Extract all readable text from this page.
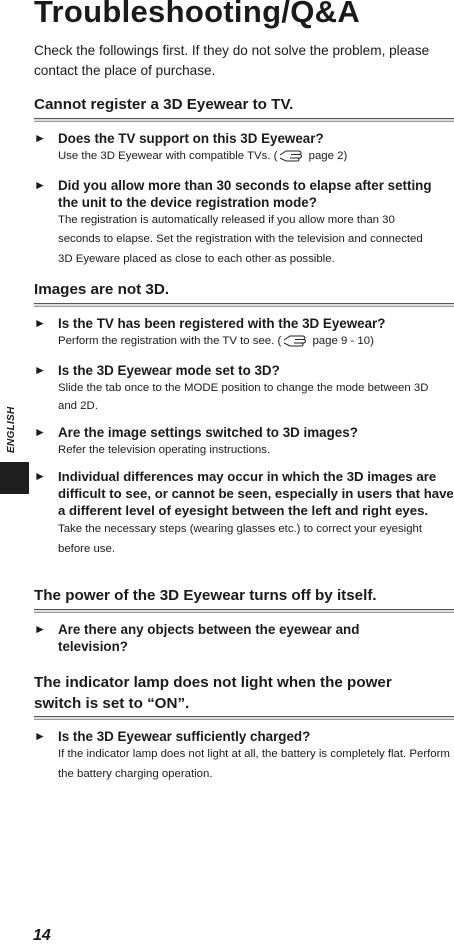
Troubleshooting/Q&A
Check the followings first. If they do not solve the problem, please contact the place of purchase.
Cannot register a 3D Eyewear to TV.
► Does the TV support on this 3D Eyewear?
Use the 3D Eyewear with compatible TVs. ( page 2)
► Did you allow more than 30 seconds to elapse after setting the unit to the device registration mode?
The registration is automatically released if you allow more than 30 seconds to elapse. Set the registration with the television and connected 3D Eyeware placed as close to each other as possible.
Images are not 3D.
► Is the TV has been registered with the 3D Eyewear?
Perform the registration with the TV to see. ( page 9 - 10)
► Is the 3D Eyewear mode set to 3D?
Slide the tab once to the MODE position to change the mode between 3D and 2D.
► Are the image settings switched to 3D images?
Refer the television operating instructions.
► Individual differences may occur in which the 3D images are difficult to see, or cannot be seen, especially in users that have a different level of eyesight between the left and right eyes.
Take the necessary steps (wearing glasses etc.) to correct your eyesight before use.
The power of the 3D Eyewear turns off by itself.
► Are there any objects between the eyewear and television?
The indicator lamp does not light when the power switch is set to “ON”.
► Is the 3D Eyewear sufficiently charged?
If the indicator lamp does not light at all, the battery is completely flat. Perform the battery charging operation.
ENGLISH
14
